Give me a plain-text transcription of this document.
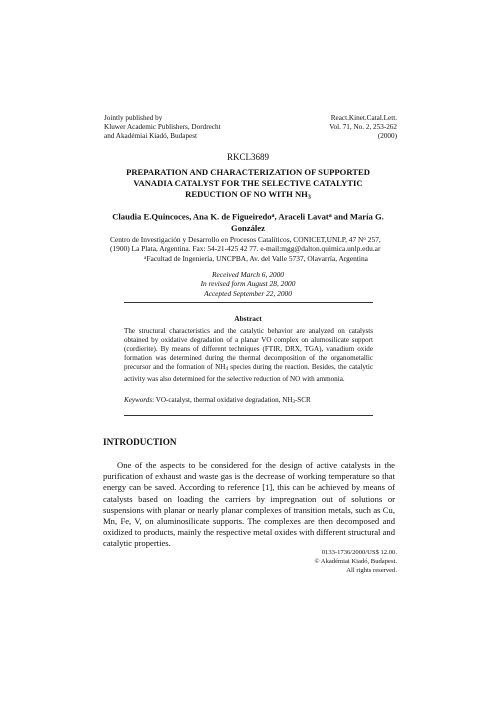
Jointly published by
Kluwer Academic Publishers, Dordrecht
and Akadémiai Kiadó, Budapest
React.Kinet.Catal.Lett.
Vol. 71, No. 2, 253-262
(2000)
RKCL3689
PREPARATION AND CHARACTERIZATION OF SUPPORTED
VANADIA CATALYST FOR THE SELECTIVE CATALYTIC
REDUCTION OF NO WITH $NH_3$
Claudia E.Quincoces, Ana K. de Figueiredo$^a$, Araceli Lavat$^a$ and María G.
González
Centro de Investigación y Desarrollo en Procesos Catalíticos, CONICET,UNLP, 47 $N^o$ 257,
(1900) La Plata, Argentina. Fax: 54-21-425 42 77. e-mail:mgg@dalton.quimica.unlp.edu.ar
$^a$Facultad de Ingeniería, UNCPBA, Av. del Valle 5737, Olavarría, Argentina
Received March 6, 2000
In revised form August 28, 2000
Accepted September 22, 2000
Abstract
The structural characteristics and the catalytic behavior are analyzed on catalysts obtained by oxidative degradation of a planar VO complex on alumosilicate support (cordierite). By means of different techniques (FTIR, DRX, TGA), vanadium oxide formation was determined during the thermal decomposition of the organometallic precursor and the formation of $NH_4$ species during the reaction. Besides, the catalytic activity was also determined for the selective reduction of NO with ammonia.
Keywords: VO-catalyst, thermal oxidative degradation, $NH_3$-SCR
INTRODUCTION
One of the aspects to be considered for the design of active catalysts in the purification of exhaust and waste gas is the decrease of working temperature so that energy can be saved. According to reference [1], this can be achieved by means of catalysts based on loading the carriers by impregnation out of solutions or suspensions with planar or nearly planar complexes of transition metals, such as Cu, Mn, Fe, V, on aluminosilicate supports. The complexes are then decomposed and oxidized to products, mainly the respective metal oxides with different structural and catalytic properties.
0133-1736/2000/US$ 12.00.
© Akadémiai Kiadó, Budapest.
All rights reserved.
